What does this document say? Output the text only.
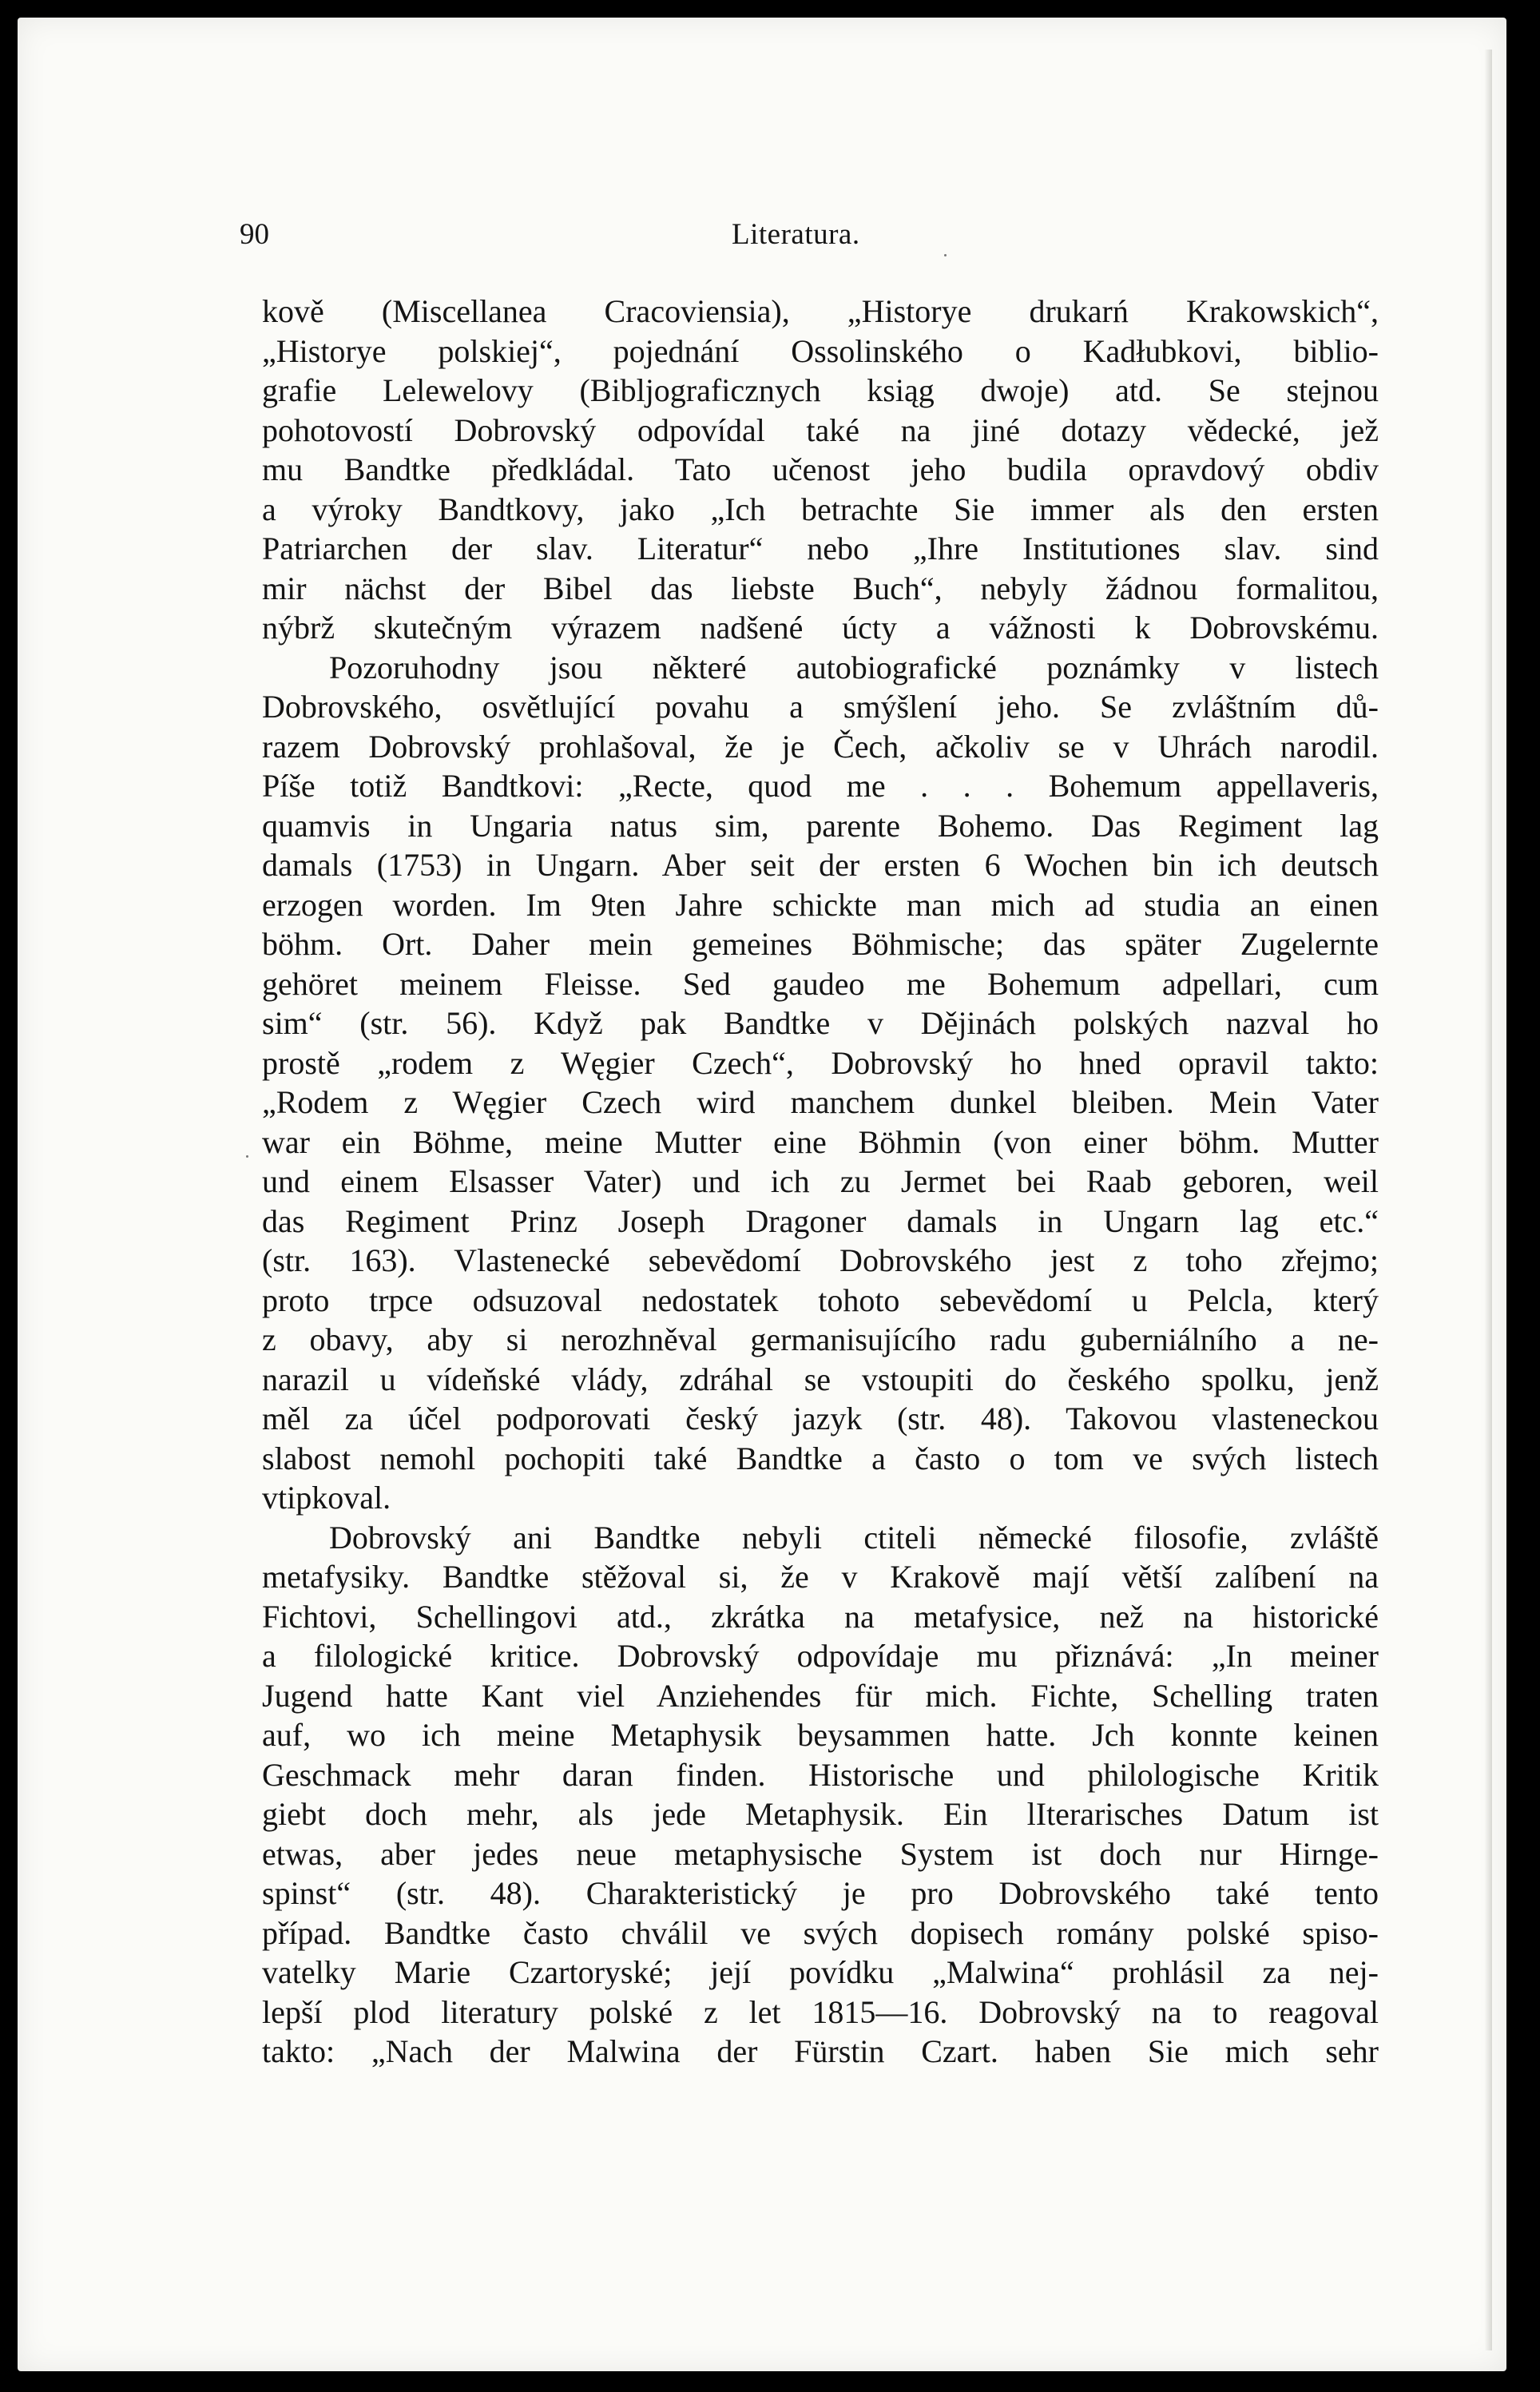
90	Literatura.
kově (Miscellanea Cracoviensia), „Historye drukarń Krakowskich“,
„Historye polskiej“, pojednání Ossolinského o Kadłubkovi, biblio-
grafie Lelewelovy (Bibljograficznych ksiąg dwoje) atd. Se stejnou
pohotovostí Dobrovský odpovídal také na jiné dotazy vědecké, jež
mu Bandtke předkládal. Tato učenost jeho budila opravdový obdiv
a výroky Bandtkovy, jako „Ich betrachte Sie immer als den ersten
Patriarchen der slav. Literatur“ nebo „Ihre Institutiones slav. sind
mir nächst der Bibel das liebste Buch“, nebyly žádnou formalitou,
nýbrž skutečným výrazem nadšené úcty a vážnosti k Dobrovskému.
Pozoruhodny jsou některé autobiografické poznámky v listech
Dobrovského, osvětlující povahu a smýšlení jeho. Se zvláštním dů-
razem Dobrovský prohlašoval, že je Čech, ačkoliv se v Uhrách narodil.
Píše totiž Bandtkovi: „Recte, quod me . . . Bohemum appellaveris,
quamvis in Ungaria natus sim, parente Bohemo. Das Regiment lag
damals (1753) in Ungarn. Aber seit der ersten 6 Wochen bin ich deutsch
erzogen worden. Im 9ten Jahre schickte man mich ad studia an einen
böhm. Ort. Daher mein gemeines Böhmische; das später Zugelernte
gehöret meinem Fleisse. Sed gaudeo me Bohemum adpellari, cum
sim“ (str. 56). Když pak Bandtke v Dějinách polských nazval ho
prostě „rodem z Węgier Czech“, Dobrovský ho hned opravil takto:
„Rodem z Węgier Czech wird manchem dunkel bleiben. Mein Vater
war ein Böhme, meine Mutter eine Böhmin (von einer böhm. Mutter
und einem Elsasser Vater) und ich zu Jermet bei Raab geboren, weil
das Regiment Prinz Joseph Dragoner damals in Ungarn lag etc.“
(str. 163). Vlastenecké sebevědomí Dobrovského jest z toho zřejmo;
proto trpce odsuzoval nedostatek tohoto sebevědomí u Pelcla, který
z obavy, aby si nerozhněval germanisujícího radu guberniálního a ne-
narazil u vídeňské vlády, zdráhal se vstoupiti do českého spolku, jenž
měl za účel podporovati český jazyk (str. 48). Takovou vlasteneckou
slabost nemohl pochopiti také Bandtke a často o tom ve svých listech
vtipkoval.
Dobrovský ani Bandtke nebyli ctiteli německé filosofie, zvláště
metafysiky. Bandtke stěžoval si, že v Krakově mají větší zalíbení na
Fichtovi, Schellingovi atd., zkrátka na metafysice, než na historické
a filologické kritice. Dobrovský odpovídaje mu přiznává: „In meiner
Jugend hatte Kant viel Anziehendes für mich. Fichte, Schelling traten
auf, wo ich meine Metaphysik beysammen hatte. Jch konnte keinen
Geschmack mehr daran finden. Historische und philologische Kritik
giebt doch mehr, als jede Metaphysik. Ein lIterarisches Datum ist
etwas, aber jedes neue metaphysische System ist doch nur Hirnge-
spinst“ (str. 48). Charakteristický je pro Dobrovského také tento
případ. Bandtke často chválil ve svých dopisech romány polské spiso-
vatelky Marie Czartoryské; její povídku „Malwina“ prohlásil za nej-
lepší plod literatury polské z let 1815—16. Dobrovský na to reagoval
takto: „Nach der Malwina der Fürstin Czart. haben Sie mich sehr
